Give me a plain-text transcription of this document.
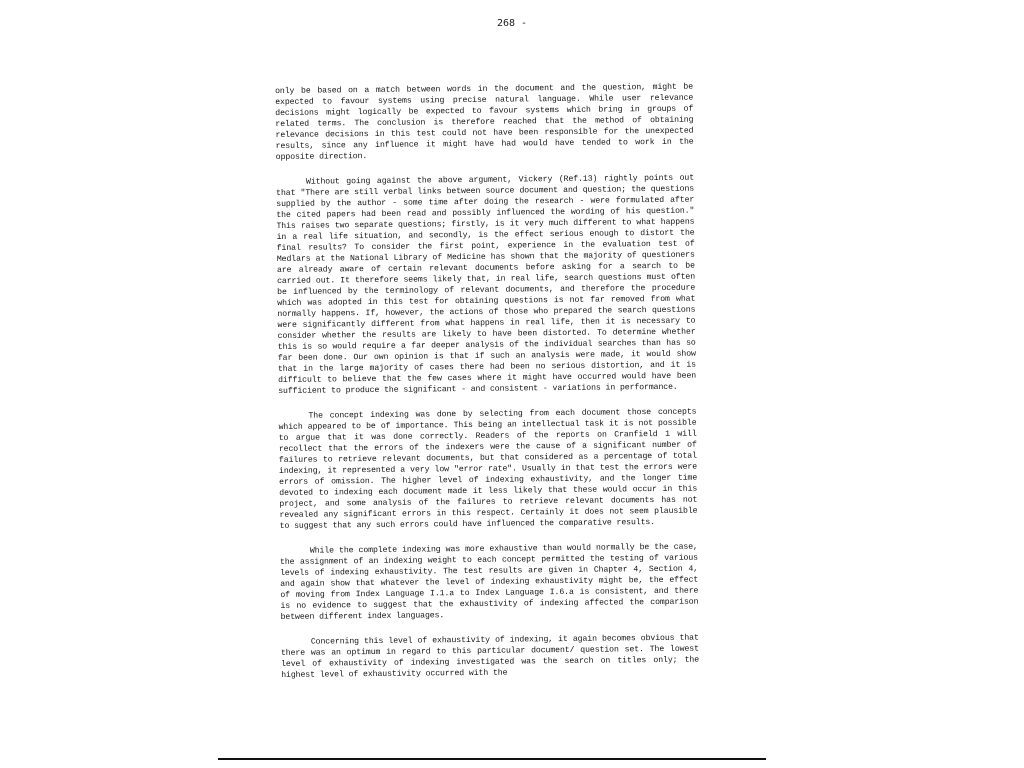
268 -

only be based on a match between words in the document and the question, might be expected to favour systems using precise natural language. While user relevance decisions might logically be expected to favour systems which bring in groups of related terms. The conclusion is therefore reached that the method of obtaining relevance decisions in this test could not have been responsible for the unexpected results, since any influence it might have had would have tended to work in the opposite direction.

Without going against the above argument, Vickery (Ref.13) rightly points out that "There are still verbal links between source document and question; the questions supplied by the author - some time after doing the research - were formulated after the cited papers had been read and possibly influenced the wording of his question." This raises two separate questions; firstly, is it very much different to what happens in a real life situation, and secondly, is the effect serious enough to distort the final results? To consider the first point, experience in the evaluation test of Medlars at the National Library of Medicine has shown that the majority of questioners are already aware of certain relevant documents before asking for a search to be carried out. It therefore seems likely that, in real life, search questions must often be influenced by the terminology of relevant documents, and therefore the procedure which was adopted in this test for obtaining questions is not far removed from what normally happens. If, however, the actions of those who prepared the search questions were significantly different from what happens in real life, then it is necessary to consider whether the results are likely to have been distorted. To determine whether this is so would require a far deeper analysis of the individual searches than has so far been done. Our own opinion is that if such an analysis were made, it would show that in the large majority of cases there had been no serious distortion, and it is difficult to believe that the few cases where it might have occurred would have been sufficient to produce the significant - and consistent - variations in performance.

The concept indexing was done by selecting from each document those concepts which appeared to be of importance. This being an intellectual task it is not possible to argue that it was done correctly. Readers of the reports on Cranfield 1 will recollect that the errors of the indexers were the cause of a significant number of failures to retrieve relevant documents, but that considered as a percentage of total indexing, it represented a very low "error rate". Usually in that test the errors were errors of omission. The higher level of indexing exhaustivity, and the longer time devoted to indexing each document made it less likely that these would occur in this project, and some analysis of the failures to retrieve relevant documents has not revealed any significant errors in this respect. Certainly it does not seem plausible to suggest that any such errors could have influenced the comparative results.

While the complete indexing was more exhaustive than would normally be the case, the assignment of an indexing weight to each concept permitted the testing of various levels of indexing exhaustivity. The test results are given in Chapter 4, Section 4, and again show that whatever the level of indexing exhaustivity might be, the effect of moving from Index Language I.1.a to Index Language I.6.a is consistent, and there is no evidence to suggest that the exhaustivity of indexing affected the comparison between different index languages.

Concerning this level of exhaustivity of indexing, it again becomes obvious that there was an optimum in regard to this particular document/ question set. The lowest level of exhaustivity of indexing investigated was the search on titles only; the highest level of exhaustivity occurred with the
